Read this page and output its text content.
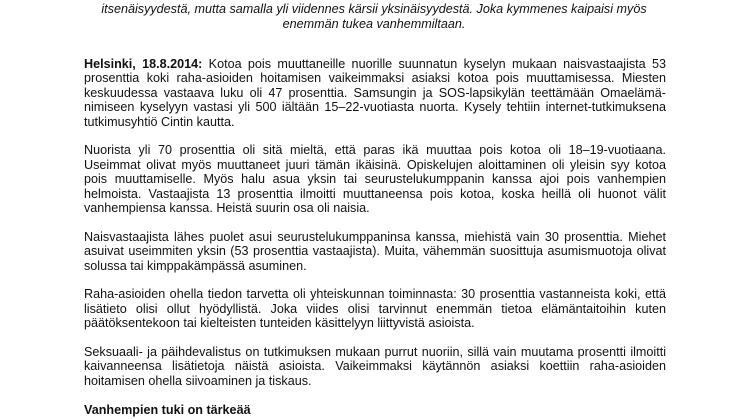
itsenäisyydestä, mutta samalla yli viidennes kärsii yksinäisyydestä. Joka kymmenes kaipaisi myös
enemmän tukea vanhemmiltaan.

Helsinki, 18.8.2014: Kotoa pois muuttaneille nuorille suunnatun kyselyn mukaan naisvastaajista 53 prosenttia koki raha-asioiden hoitamisen vaikeimmaksi asiaksi kotoa pois muuttamisessa. Miesten keskuudessa vastaava luku oli 47 prosenttia. Samsungin ja SOS-lapsikylän teettämään Omaelämä-nimiseen kyselyyn vastasi yli 500 iältään 15–22-vuotiasta nuorta. Kysely tehtiin internet-tutkimuksena tutkimusyhtiö Cintin kautta.

Nuorista yli 70 prosenttia oli sitä mieltä, että paras ikä muuttaa pois kotoa oli 18–19-vuotiaana. Useimmat olivat myös muuttaneet juuri tämän ikäisinä. Opiskelujen aloittaminen oli yleisin syy kotoa pois muuttamiselle. Myös halu asua yksin tai seurustelukumppanin kanssa ajoi pois vanhempien helmoista. Vastaajista 13 prosenttia ilmoitti muuttaneensa pois kotoa, koska heillä oli huonot välit vanhempiensa kanssa. Heistä suurin osa oli naisia.

Naisvastaajista lähes puolet asui seurustelukumppaninsa kanssa, miehistä vain 30 prosenttia. Miehet asuivat useimmiten yksin (53 prosenttia vastaajista). Muita, vähemmän suosittuja asumismuotoja olivat solussa tai kimppakämpässä asuminen.

Raha-asioiden ohella tiedon tarvetta oli yhteiskunnan toiminnasta: 30 prosenttia vastanneista koki, että lisätieto olisi ollut hyödyllistä. Joka viides olisi tarvinnut enemmän tietoa elämäntaitoihin kuten päätöksentekoon tai kielteisten tunteiden käsittelyyn liittyvistä asioista.

Seksuaali- ja päihdevalistus on tutkimuksen mukaan purrut nuoriin, sillä vain muutama prosentti ilmoitti kaivanneensa lisätietoja näistä asioista. Vaikeimmaksi käytännön asiaksi koettiin raha-asioiden hoitamisen ohella siivoaminen ja tiskaus.

Vanhempien tuki on tärkeää
